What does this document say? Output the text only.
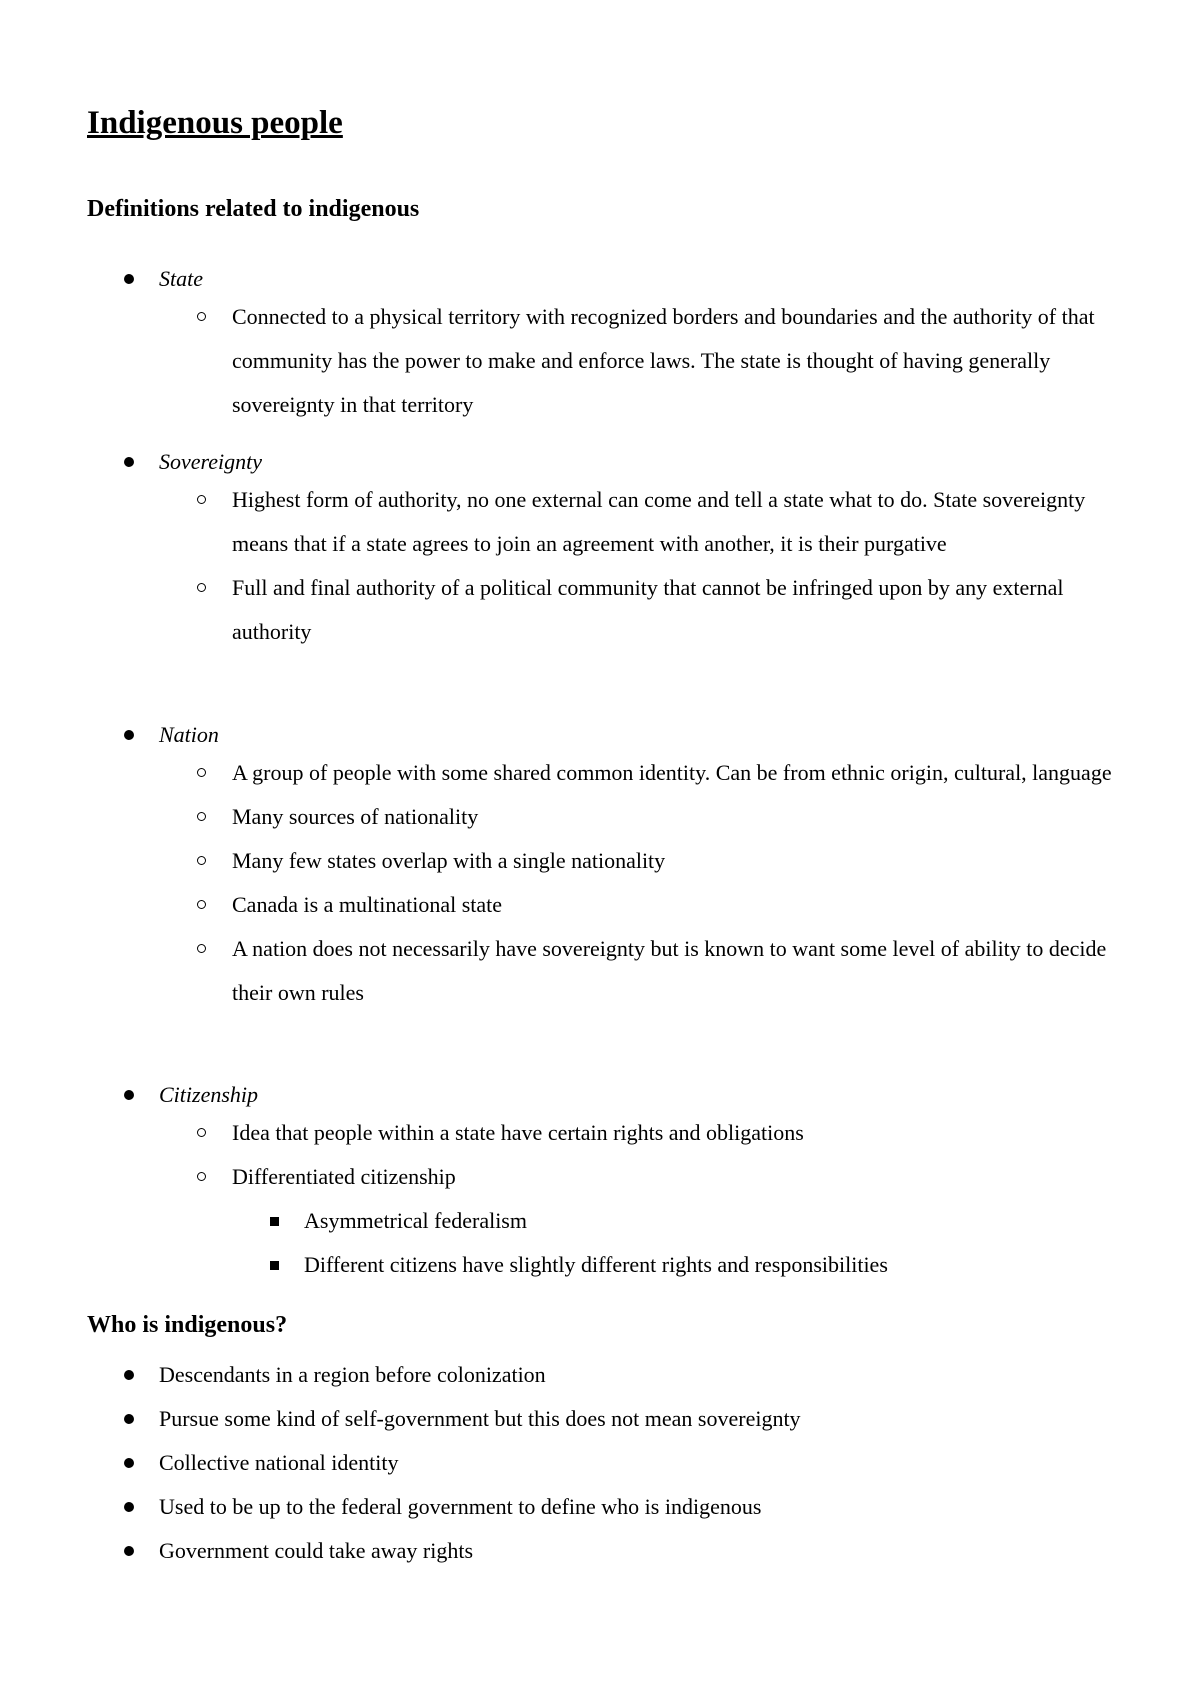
Indigenous people
Definitions related to indigenous
State
Connected to a physical territory with recognized borders and boundaries and the authority of that community has the power to make and enforce laws. The state is thought of having generally sovereignty in that territory
Sovereignty
Highest form of authority, no one external can come and tell a state what to do. State sovereignty means that if a state agrees to join an agreement with another, it is their purgative
Full and final authority of a political community that cannot be infringed upon by any external authority
Nation
A group of people with some shared common identity. Can be from ethnic origin, cultural, language
Many sources of nationality
Many few states overlap with a single nationality
Canada is a multinational state
A nation does not necessarily have sovereignty but is known to want some level of ability to decide their own rules
Citizenship
Idea that people within a state have certain rights and obligations
Differentiated citizenship
Asymmetrical federalism
Different citizens have slightly different rights and responsibilities
Who is indigenous?
Descendants in a region before colonization
Pursue some kind of self-government but this does not mean sovereignty
Collective national identity
Used to be up to the federal government to define who is indigenous
Government could take away rights
